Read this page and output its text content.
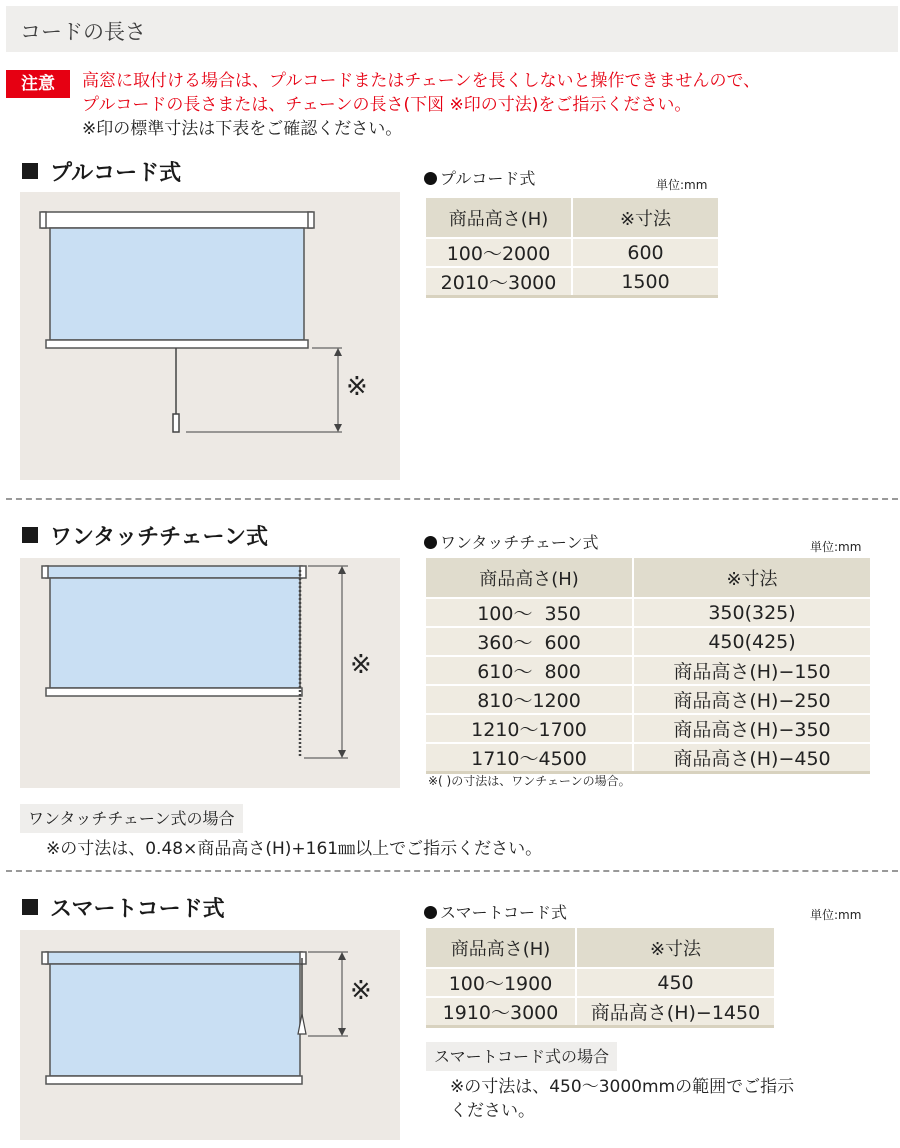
コードの長さ
注意	高窓に取付ける場合は、プルコードまたはチェーンを長くしないと操作できませんので、
プルコードの長さまたは、チェーンの長さ(下図 ※印の寸法)をご指示ください。
※印の標準寸法は下表をご確認ください。
プルコード式
※
プルコード式	単位:mm
商品高さ(H)	※寸法
100〜2000	600
2010〜3000	1500
ワンタッチチェーン式
※
ワンタッチチェーン式	単位:mm
商品高さ(H)	※寸法
100〜  350	350(325)
360〜  600	450(425)
610〜  800	商品高さ(H)−150
810〜1200	商品高さ(H)−250
1210〜1700	商品高さ(H)−350
1710〜4500	商品高さ(H)−450
※( )の寸法は、ワンチェーンの場合。
ワンタッチチェーン式の場合
※の寸法は、0.48×商品高さ(H)+161㎜以上でご指示ください。
スマートコード式
※
スマートコード式	単位:mm
商品高さ(H)	※寸法
100〜1900	450
1910〜3000	商品高さ(H)−1450
スマートコード式の場合
※の寸法は、450〜3000mmの範囲でご指示
ください。
